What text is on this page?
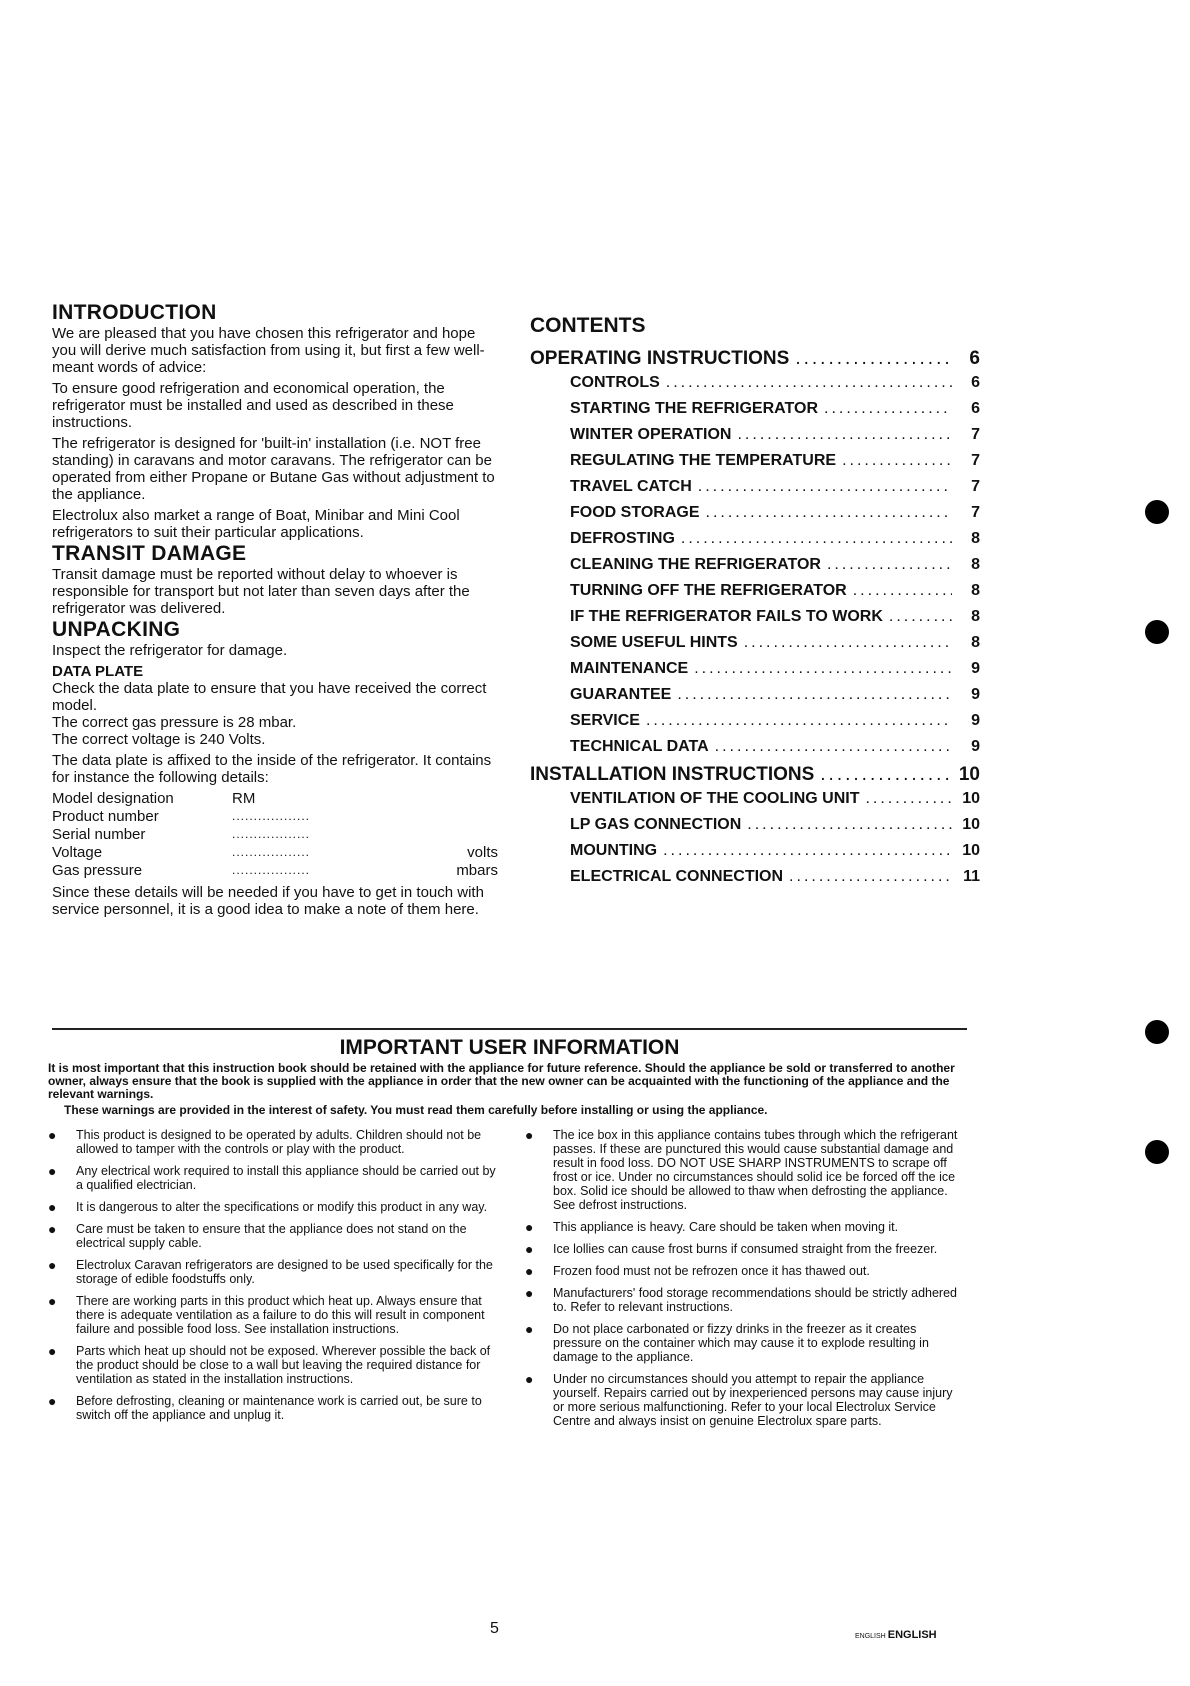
INTRODUCTION

We are pleased that you have chosen this refrigerator and hope you will derive much satisfaction from using it, but first a few well-meant words of advice:

To ensure good refrigeration and economical operation, the refrigerator must be installed and used as described in these instructions.

The refrigerator is designed for 'built-in' installation (i.e. NOT free standing) in caravans and motor caravans. The refrigerator can be operated from either Propane or Butane Gas without adjustment to the appliance.

Electrolux also market a range of Boat, Minibar and Mini Cool refrigerators to suit their particular applications.

TRANSIT DAMAGE

Transit damage must be reported without delay to whoever is responsible for transport but not later than seven days after the refrigerator was delivered.

UNPACKING

Inspect the refrigerator for damage.

DATA PLATE

Check the data plate to ensure that you have received the correct model.

The correct gas pressure is 28 mbar.

The correct voltage is 240 Volts.

The data plate is affixed to the inside of the refrigerator. It contains for instance the following details:

Model designation	RM
Product number	..................
Serial number	..................
Voltage	..................	volts
Gas pressure	..................	mbars

Since these details will be needed if you have to get in touch with service personnel, it is a good idea to make a note of them here.

CONTENTS
OPERATING INSTRUCTIONS .....	6
CONTROLS .....	6
STARTING THE REFRIGERATOR .....	6
WINTER OPERATION .....	7
REGULATING THE TEMPERATURE .....	7
TRAVEL CATCH .....	7
FOOD STORAGE .....	7
DEFROSTING .....	8
CLEANING THE REFRIGERATOR .....	8
TURNING OFF THE REFRIGERATOR .....	8
IF THE REFRIGERATOR FAILS TO WORK .....	8
SOME USEFUL HINTS .....	8
MAINTENANCE .....	9
GUARANTEE .....	9
SERVICE .....	9
TECHNICAL DATA .....	9
INSTALLATION INSTRUCTIONS .....	10
VENTILATION OF THE COOLING UNIT .....	10
LP GAS CONNECTION .....	10
MOUNTING .....	10
ELECTRICAL CONNECTION .....	11
IMPORTANT USER INFORMATION

It is most important that this instruction book should be retained with the appliance for future reference. Should the appliance be sold or transferred to another owner, always ensure that the book is supplied with the appliance in order that the new owner can be acquainted with the functioning of the appliance and the relevant warnings.

These warnings are provided in the interest of safety. You must read them carefully before installing or using the appliance.

●	This product is designed to be operated by adults. Children should not be allowed to tamper with the controls or play with the product.
●	Any electrical work required to install this appliance should be carried out by a qualified electrician.
●	It is dangerous to alter the specifications or modify this product in any way.
●	Care must be taken to ensure that the appliance does not stand on the electrical supply cable.
●	Electrolux Caravan refrigerators are designed to be used specifically for the storage of edible foodstuffs only.
●	There are working parts in this product which heat up. Always ensure that there is adequate ventilation as a failure to do this will result in component failure and possible food loss. See installation instructions.
●	Parts which heat up should not be exposed. Wherever possible the back of the product should be close to a wall but leaving the required distance for ventilation as stated in the installation instructions.
●	Before defrosting, cleaning or maintenance work is carried out, be sure to switch off the appliance and unplug it.
●	The ice box in this appliance contains tubes through which the refrigerant passes. If these are punctured this would cause substantial damage and result in food loss. DO NOT USE SHARP INSTRUMENTS to scrape off frost or ice. Under no circumstances should solid ice be forced off the ice box. Solid ice should be allowed to thaw when defrosting the appliance. See defrost instructions.
●	This appliance is heavy. Care should be taken when moving it.
●	Ice lollies can cause frost burns if consumed straight from the freezer.
●	Frozen food must not be refrozen once it has thawed out.
●	Manufacturers' food storage recommendations should be strictly adhered to. Refer to relevant instructions.
●	Do not place carbonated or fizzy drinks in the freezer as it creates pressure on the container which may cause it to explode resulting in damage to the appliance.
●	Under no circumstances should you attempt to repair the appliance yourself. Repairs carried out by inexperienced persons may cause injury or more serious malfunctioning. Refer to your local Electrolux Service Centre and always insist on genuine Electrolux spare parts.
5	ENGLISH ENGLISH
